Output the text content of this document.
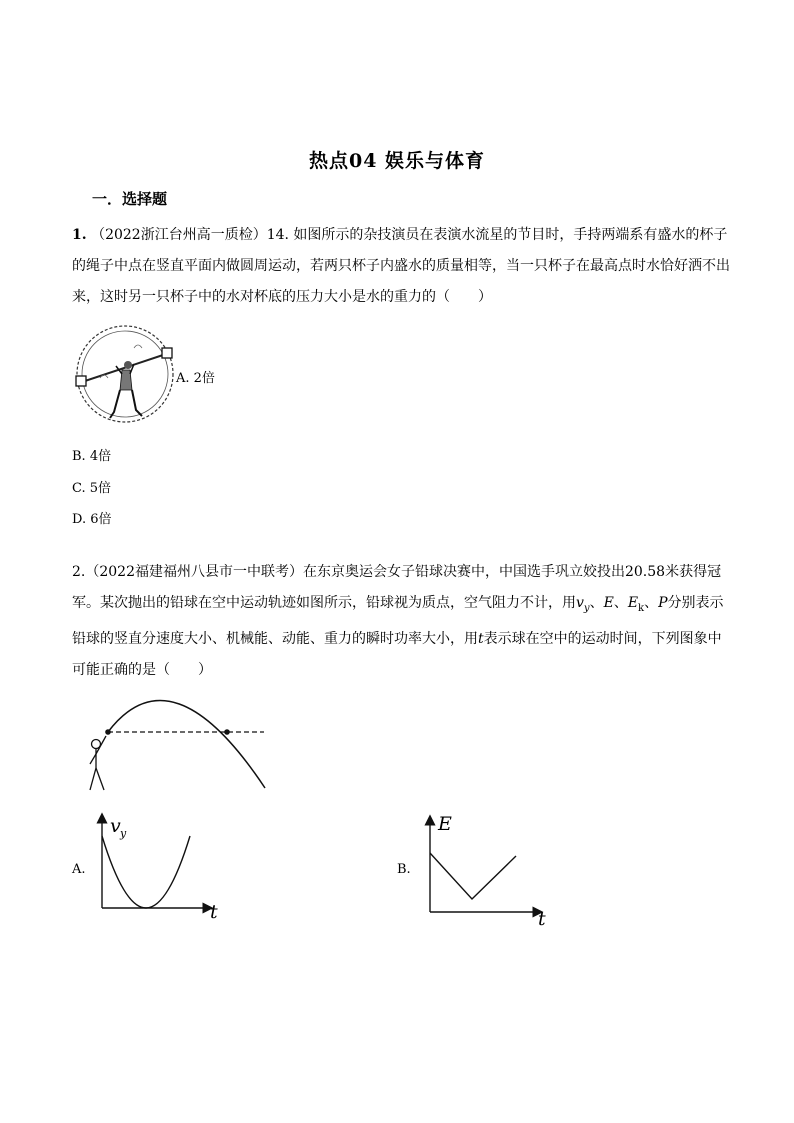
热点04 娱乐与体育
一．选择题
1. （2022浙江台州高一质检）14. 如图所示的杂技演员在表演水流星的节目时，手持两端系有盛水的杯子的绳子中点在竖直平面内做圆周运动，若两只杯子内盛水的质量相等，当一只杯子在最高点时水恰好洒不出来，这时另一只杯子中的水对杯底的压力大小是水的重力的（　　）
A. 2倍
B. 4倍
C. 5倍
D. 6倍
2.（2022福建福州八县市一中联考）在东京奥运会女子铅球决赛中，中国选手巩立姣投出20.58米获得冠军。某次抛出的铅球在空中运动轨迹如图所示，铅球视为质点，空气阻力不计，用$v_y$、E、$E_k$、P分别表示铅球的竖直分速度大小、机械能、动能、重力的瞬时功率大小，用t表示球在空中的运动时间，下列图象中可能正确的是（　　）
A.
v y
t
B.
E
t
